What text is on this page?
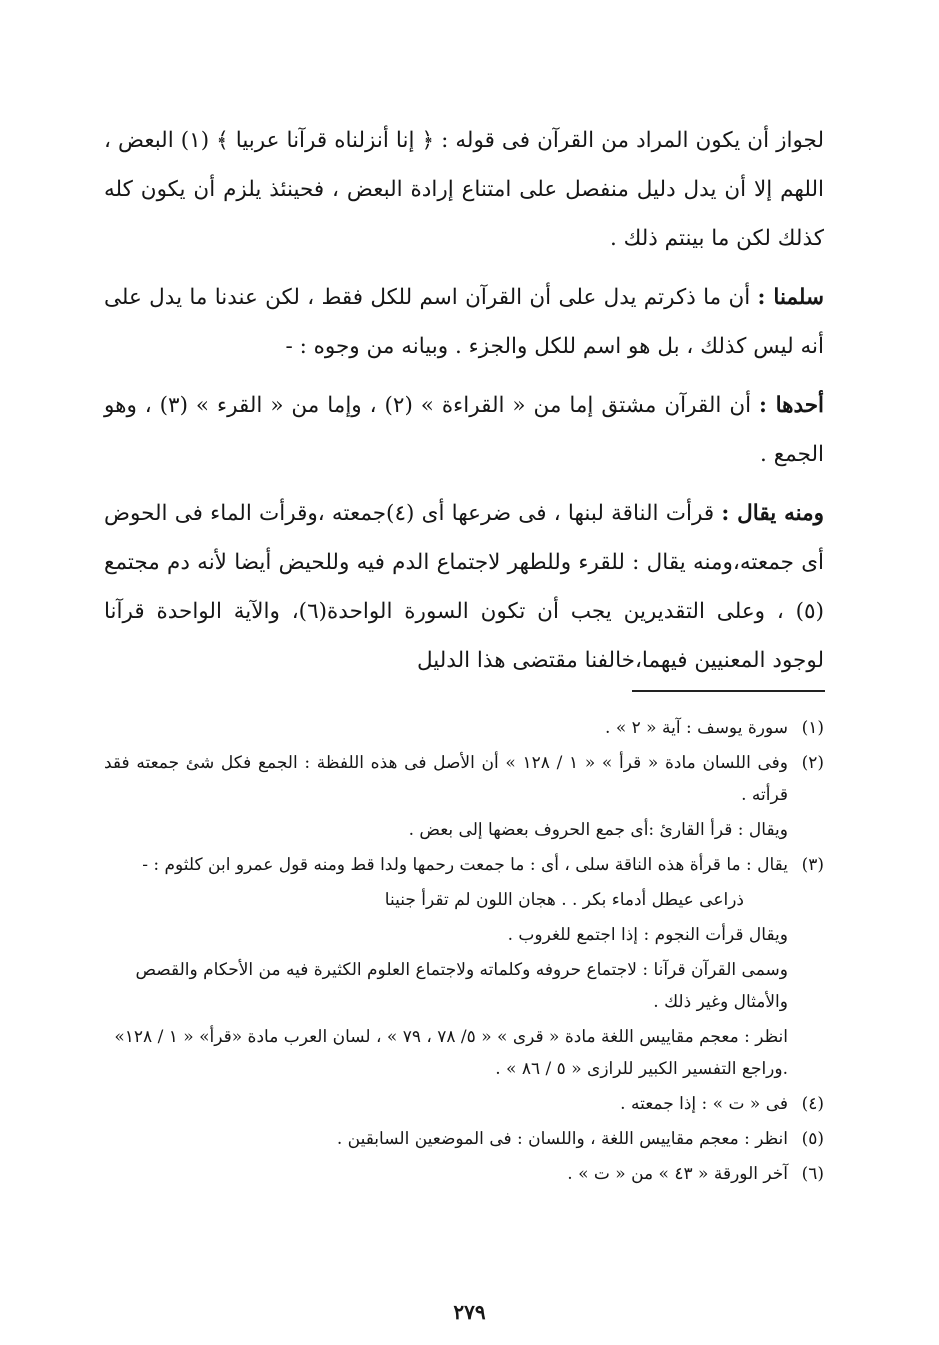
لجواز أن يكون المراد من القرآن فى قوله : ﴿ إنا أنزلناه قرآنا عربيا ﴾ (١) البعض ، اللهم إلا أن يدل دليل منفصل على امتناع إرادة البعض ، فحينئذ يلزم أن يكون كله كذلك لكن ما بينتم ذلك .

سلمنا : أن ما ذكرتم يدل على أن القرآن اسم للكل فقط ، لكن عندنا ما يدل على أنه ليس كذلك ، بل هو اسم للكل والجزء . وبيانه من وجوه : -

أحدها : أن القرآن مشتق إما من « القراءة » (٢) ، وإما من « القرء » (٣) ، وهو الجمع .

ومنه يقال : قرأت الناقة لبنها ، فى ضرعها أى (٤)جمعته ،وقرأت الماء فى الحوض أى جمعته،ومنه يقال : للقرء وللطهر لاجتماع الدم فيه وللحيض أيضا لأنه دم مجتمع (٥) ، وعلى التقديرين يجب أن تكون السورة الواحدة(٦)، والآية الواحدة قرآنا لوجود المعنيين فيهما،خالفنا مقتضى هذا الدليل

(١)
سورة يوسف : آية « ٢ » .
(٢)
وفى اللسان مادة « قرأ » « ١ / ١٢٨ » أن الأصل فى هذه اللفظة : الجمع فكل شئ جمعته فقد قرأته .
ويقال : قرأ القارئ :أى جمع الحروف بعضها إلى بعض .
(٣)
يقال : ما قرأة هذه الناقة سلى ، أى : ما جمعت رحمها ولدا قط ومنه قول عمرو ابن كلثوم : -
ذراعى عيطل أدماء بكر . . هجان اللون لم تقرأ جنينا
ويقال قرأت النجوم : إذا اجتمع للغروب .
وسمى القرآن قرآنا : لاجتماع حروفه وكلماته ولاجتماع العلوم الكثيرة فيه من الأحكام والقصص والأمثال وغير ذلك .
انظر : معجم مقاييس اللغة مادة « قرى » « ٥/ ٧٨ ، ٧٩ » ، لسان العرب مادة «قرأ» « ١ / ١٢٨» .وراجع التفسير الكبير للرازى « ٥ / ٨٦ » .
(٤)
فى « ت » : إذا جمعته .
(٥)
انظر : معجم مقاييس اللغة ، واللسان : فى الموضعين السابقين .
(٦)
آخر الورقة « ٤٣ » من « ت » .
٢٧٩
